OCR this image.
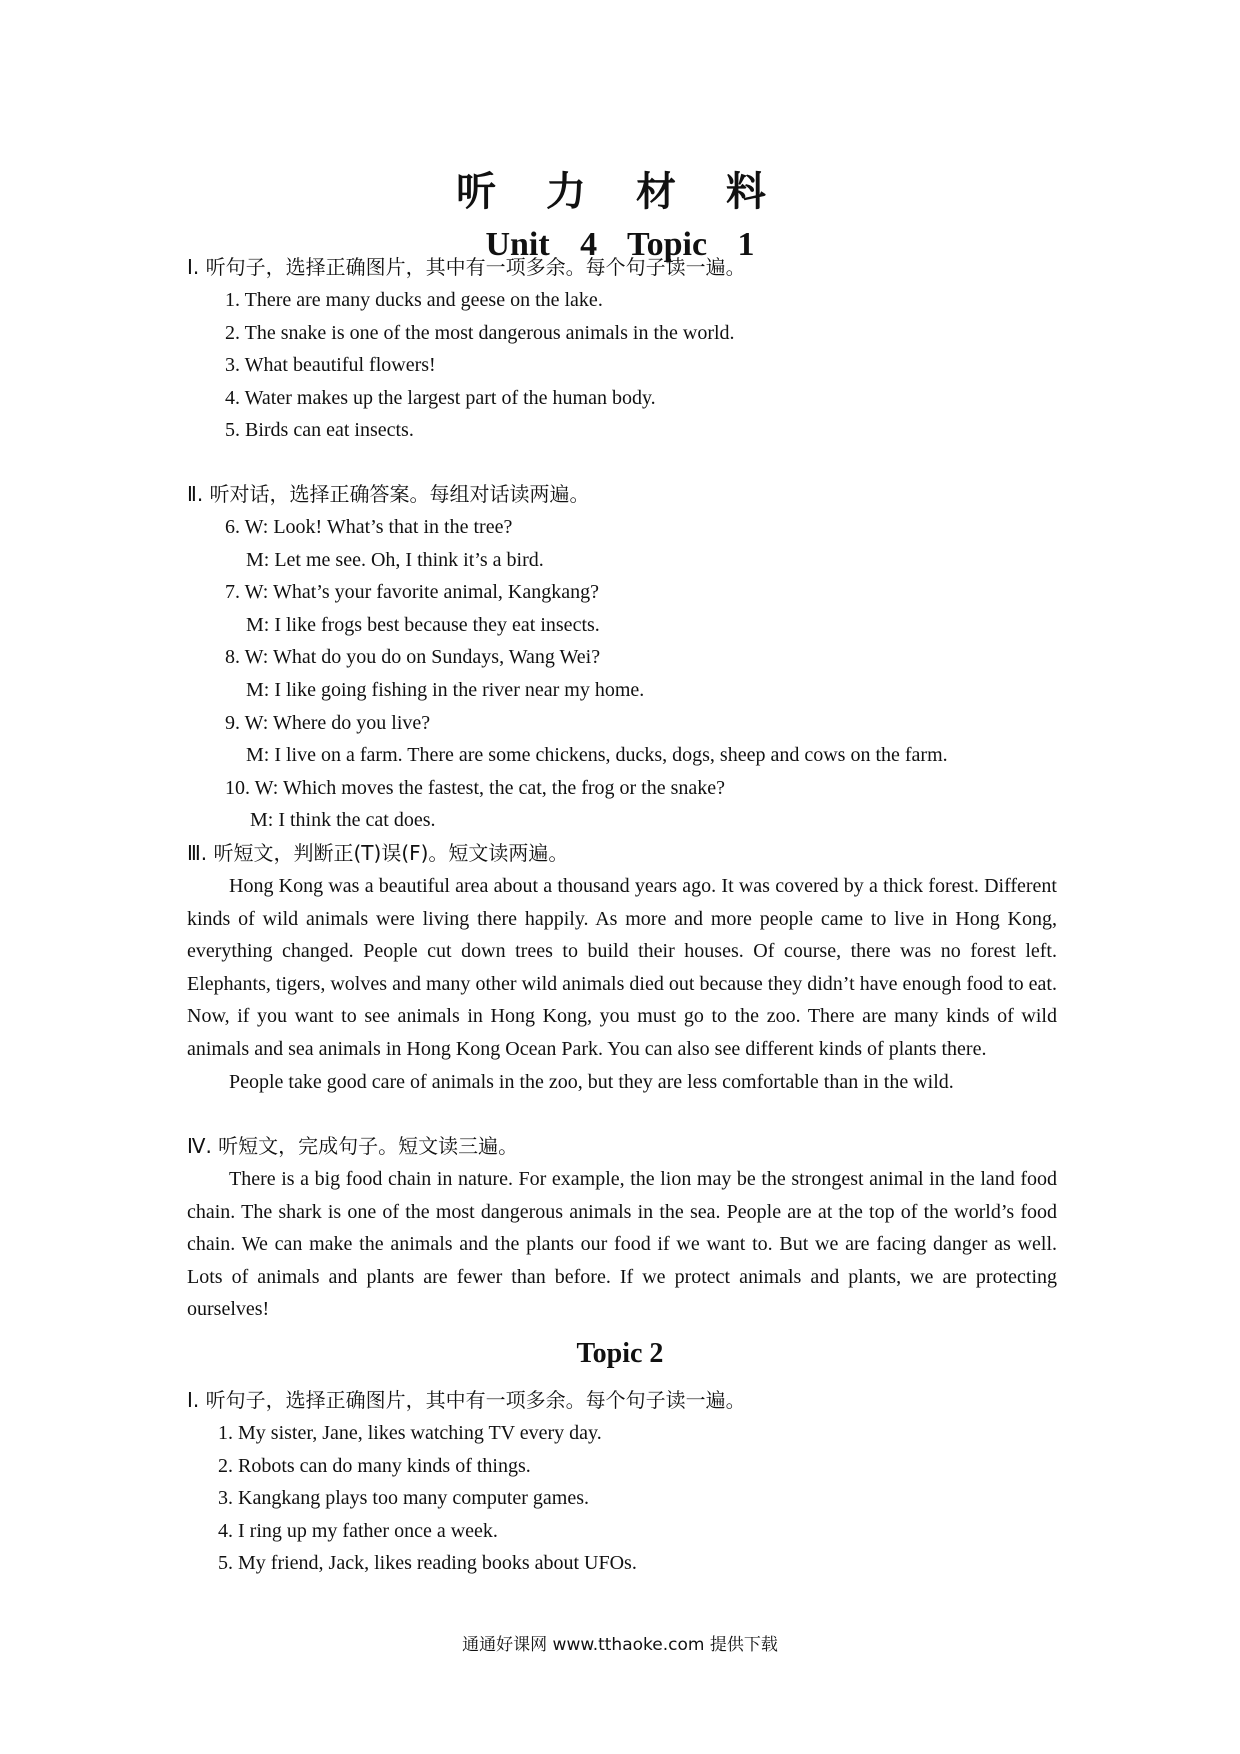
听 力 材 料
Unit 4 Topic 1
Ⅰ. 听句子，选择正确图片，其中有一项多余。每个句子读一遍。
1. There are many ducks and geese on the lake.
2. The snake is one of the most dangerous animals in the world.
3. What beautiful flowers!
4. Water makes up the largest part of the human body.
5. Birds can eat insects.
Ⅱ. 听对话，选择正确答案。每组对话读两遍。
6. W: Look! What’s that in the tree?
M: Let me see. Oh, I think it’s a bird.
7. W: What’s your favorite animal, Kangkang?
M: I like frogs best because they eat insects.
8. W: What do you do on Sundays, Wang Wei?
M: I like going fishing in the river near my home.
9. W: Where do you live?
M: I live on a farm. There are some chickens, ducks, dogs, sheep and cows on the farm.
10. W: Which moves the fastest, the cat, the frog or the snake?
M: I think the cat does.
Ⅲ. 听短文，判断正(T)误(F)。短文读两遍。

Hong Kong was a beautiful area about a thousand years ago. It was covered by a thick forest. Different kinds of wild animals were living there happily. As more and more people came to live in Hong Kong, everything changed. People cut down trees to build their houses. Of course, there was no forest left. Elephants, tigers, wolves and many other wild animals died out because they didn’t have enough food to eat. Now, if you want to see animals in Hong Kong, you must go to the zoo. There are many kinds of wild animals and sea animals in Hong Kong Ocean Park. You can also see different kinds of plants there.

People take good care of animals in the zoo, but they are less comfortable than in the wild.

Ⅳ. 听短文，完成句子。短文读三遍。

There is a big food chain in nature. For example, the lion may be the strongest animal in the land food chain. The shark is one of the most dangerous animals in the sea. People are at the top of the world’s food chain. We can make the animals and the plants our food if we want to. But we are facing danger as well. Lots of animals and plants are fewer than before. If we protect animals and plants, we are protecting ourselves!

Topic 2
Ⅰ. 听句子，选择正确图片，其中有一项多余。每个句子读一遍。
1. My sister, Jane, likes watching TV every day.
2. Robots can do many kinds of things.
3. Kangkang plays too many computer games.
4. I ring up my father once a week.
5. My friend, Jack, likes reading books about UFOs.
通通好课网 www.tthaoke.com 提供下载
